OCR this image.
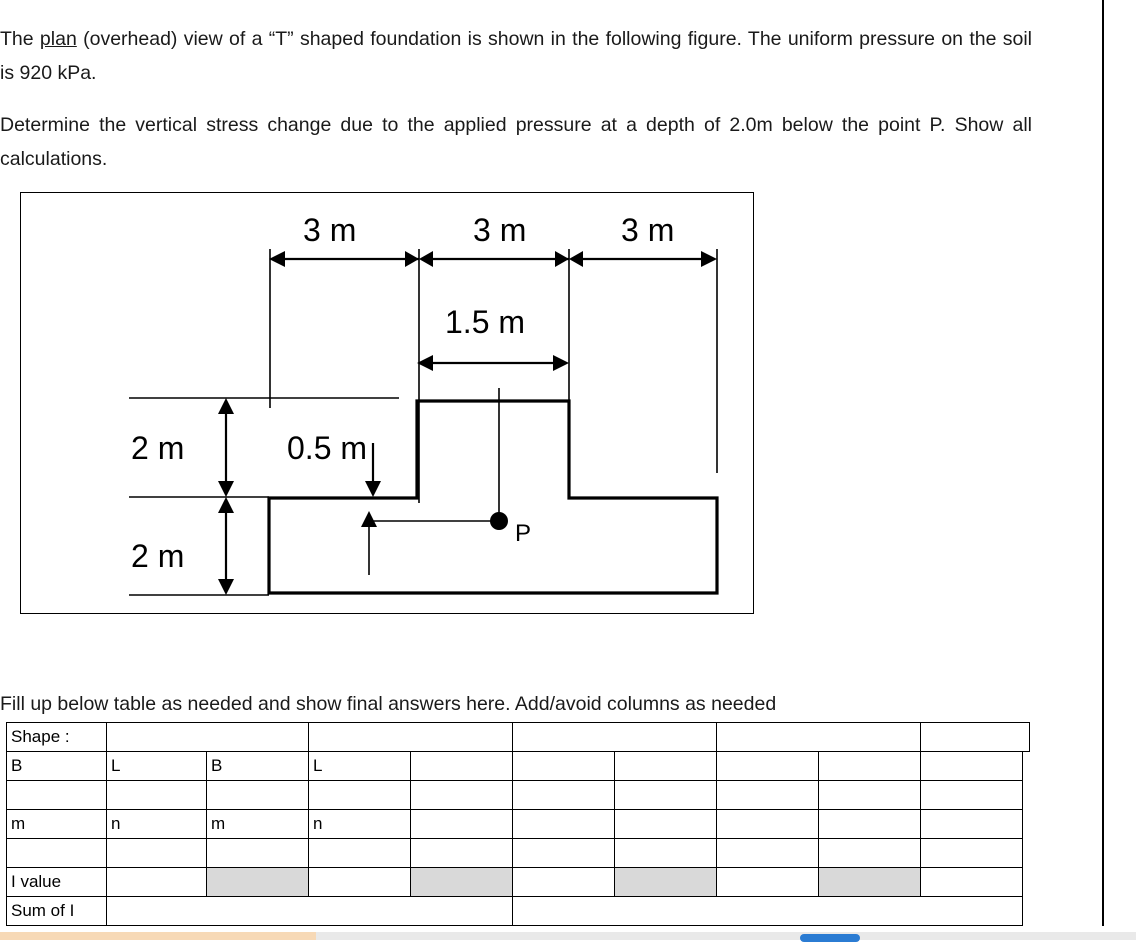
The plan (overhead) view of a “T” shaped foundation is shown in the following figure. The uniform pressure on the soil is 920 kPa.

Determine the vertical stress change due to the applied pressure at a depth of 2.0m below the point P. Show all calculations.

3 m	3 m	3 m
1.5 m
2 m
2 m
0.5 m
P

Fill up below table as needed and show final answers here. Add/avoid columns as needed

Shape :									
B	L	B	L						

m	n	m	n						

I value									
Sum of I									
